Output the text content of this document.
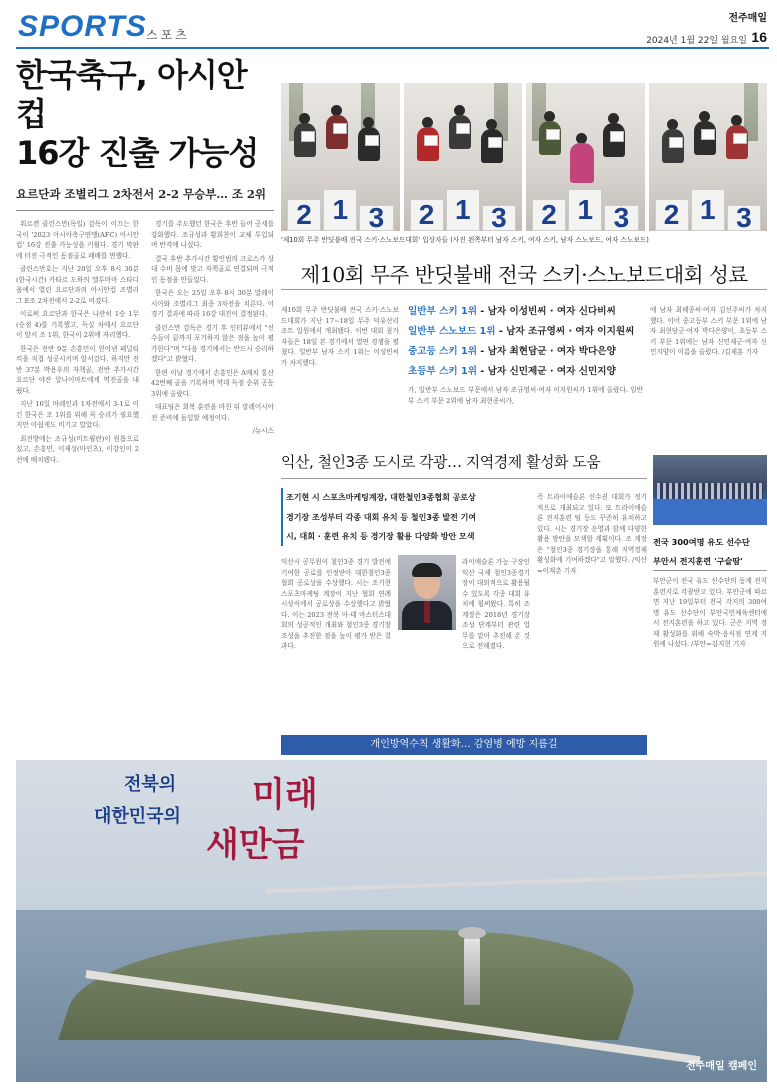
SPORTS 스포츠
전주매일
2024년 1월 22일 월요일 16
한국축구, 아시안컵
16강 진출 가능성
요르단과 조별리그 2차전서 2-2 무승부… 조 2위

위르겐 클린스만(독일) 감독이 이끄는 한국이 '2023 아시아축구연맹(AFC) 아시안컵' 16강 진출 가능성을 키웠다. 경기 막판에 터진 극적인 동점골로 패배를 면했다.

클린스만호는 지난 20일 오후 8시 30분(한국시간) 카타르 도하의 앨투마마 스타디움에서 열린 요르단과의 아시안컵 조별리그 E조 2차전에서 2-2로 비겼다.

이로써 요르단과 한국은 나란히 1승 1무(승점 4)를 기록했고, 득실 차에서 요르단이 앞서 조 1위, 한국이 2위에 자리했다.

한국은 전반 9분 손흥민이 얻어낸 페널티킥을 직접 성공시키며 앞서갔다. 하지만 전반 37분 박용우의 자책골, 전반 추가시간 요르단 야잔 알나이마트에게 역전골을 내줬다.

지난 16일 바레인과 1차전에서 3-1로 이긴 한국은 조 1위를 위해 꼭 승리가 필요했지만 아쉽게도 비기고 말았다.

최전방에는 조규성(미트윌란)이 원톱으로 섰고, 손흥민, 이재성(마인츠), 이강인이 2선에 배치됐다.

경기를 주도했던 한국은 후반 들어 공세를 강화했다. 조규성과 황희찬이 교체 투입되며 반격에 나섰다.

결국 후반 추가시간 황인범의 크로스가 상대 수비 몸에 맞고 자책골로 연결되며 극적인 동점을 만들었다.

한국은 오는 25일 오후 8시 30분 말레이시아와 조별리그 최종 3차전을 치른다. 이 경기 결과에 따라 16강 대진이 결정된다.

클린스만 감독은 경기 후 인터뷰에서 "선수들이 끝까지 포기하지 않은 점을 높이 평가한다"며 "다음 경기에서는 반드시 승리하겠다"고 밝혔다.

한편 이날 경기에서 손흥민은 A매치 통산 42번째 골을 기록하며 역대 득점 순위 공동 3위에 올랐다.

대표팀은 회복 훈련을 마친 뒤 말레이시아전 준비에 돌입할 예정이다.

/뉴시스
2 1 3	2 1 3	2 1 3	2 1 3
'제10회 무주 반딧불배 전국 스키·스노보드대회' 입상자들 (사진 왼쪽부터 남자 스키, 여자 스키, 남자 스노보드, 여자 스노보드)
제10회 무주 반딧불배 전국 스키·스노보드대회 성료
제10회 무주 반딧불배 전국 스키·스노보드대회가 지난 17~18일 무주 덕유산리조트 일원에서 개최됐다. 이번 대회 참가자들은 18일 본 경기에서 열띤 경쟁을 펼쳤다. 일반부 남자 스키 1위는 이성빈씨가 차지했다.
일반부 스키 1위 - 남자 이성빈씨 · 여자 신다비씨
일반부 스노보드 1위 - 남자 조규영씨 · 여자 이지원씨
중고등 스키 1위 - 남자 최현담군 · 여자 박다은양
초등부 스키 1위 - 남자 신민제군 · 여자 신민지양
가, 일반부 스노보드 부문에서 남자 조규영씨·여자 이지원씨가 1위에 올랐다. 일반부 스키 부문 2위에 남자 최현종씨가,
에 남자 최혜종씨·여자 김선주씨가 차지했다. 이어 중고등부 스키 부문 1위에 남자 최현담군·여자 박다은양이, 초등부 스키 부문 1위에는 남자 신민재군·여자 신민지양이 이름을 올렸다. /김재훈 기자
익산, 철인3종 도시로 각광… 지역경제 활성화 도움
조기현 시 스포츠마케팅계장, 대한철인3종협회 공로상
경기장 조성부터 각종 대회 유치 등 철인3종 발전 기여
시, 대회 · 훈련 유치 등 경기장 활용 다양화 방안 모색
익산시 공무원이 철인3종 경기 발전에 기여한 공로를 인정받아 대한철인3종협회 공로상을 수상했다. 시는 조기현 스포츠마케팅 계장이 지난 협회 연례 시상식에서 공로상을 수상했다고 밝혔다. 이는 2023 전북 아·태 마스터스대회의 성공적인 개최와 철인3종 경기장 조성을 추진한 점을 높이 평가 받은 결과다.
라이애슬론 가능 구장인 익산 국제 철인3종경기장이 대외적으로 활용될 수 있도록 각종 대회 유치에 힘써왔다. 특히 조 계장은 2018년 경기장 조성 단계부터 관련 업무를 맡아 추진해 온 것으로 전해졌다.
즉 트라이애슬론 선수권 대회가 정기적으로 개최되고 있다. 또 트라이애슬론 전지훈련 팀 등도 꾸준히 유치하고 있다. 시는 경기장 운영과 함께 다양한 활용 방안을 모색할 계획이다. 조 계장은 "철인3종 경기장을 통해 지역경제 활성화에 기여하겠다"고 말했다. /익산=이재춘 기자
개인방역수칙 생활화… 감염병 예방 지름길
전국 300여명 유도 선수단
부안서 전지훈련 '구슬땀'
부안군이 전국 유도 선수단의 동계 전지훈련지로 각광받고 있다. 부안군에 따르면 지난 19일부터 전국 각지의 300여명 유도 선수단이 부안국민체육센터에서 전지훈련을 하고 있다. 군은 지역 경제 활성화를 위해 숙박·음식점 연계 지원에 나섰다. /부안=김지현 기자
전북의
대한민국의
미래
새만금
전주매일 캠페인
